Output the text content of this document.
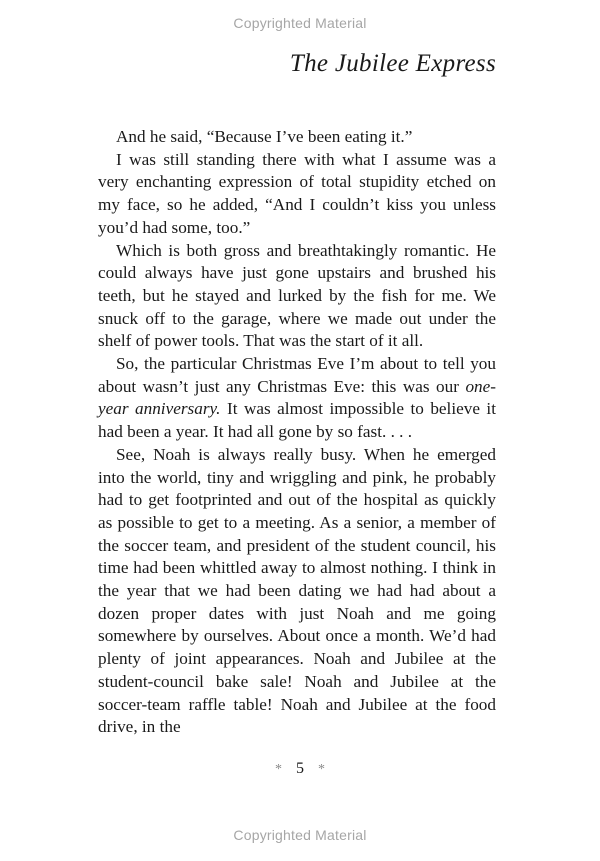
Copyrighted Material
The Jubilee Express

And he said, “Because I’ve been eating it.”

I was still standing there with what I assume was a very enchanting expression of total stupidity etched on my face, so he added, “And I couldn’t kiss you unless you’d had some, too.”

Which is both gross and breathtakingly romantic. He could always have just gone upstairs and brushed his teeth, but he stayed and lurked by the fish for me. We snuck off to the garage, where we made out under the shelf of power tools. That was the start of it all.

So, the particular Christmas Eve I’m about to tell you about wasn’t just any Christmas Eve: this was our one-year anniversary. It was almost impossible to believe it had been a year. It had all gone by so fast. . . .

See, Noah is always really busy. When he emerged into the world, tiny and wriggling and pink, he probably had to get footprinted and out of the hospital as quickly as possible to get to a meeting. As a senior, a member of the soccer team, and president of the student council, his time had been whittled away to almost nothing. I think in the year that we had been dating we had had about a dozen proper dates with just Noah and me going somewhere by ourselves. About once a month. We’d had plenty of joint appearances. Noah and Jubilee at the student-council bake sale! Noah and Jubilee at the soccer-team raffle table! Noah and Jubilee at the food drive, in the

* 5 *
Copyrighted Material
